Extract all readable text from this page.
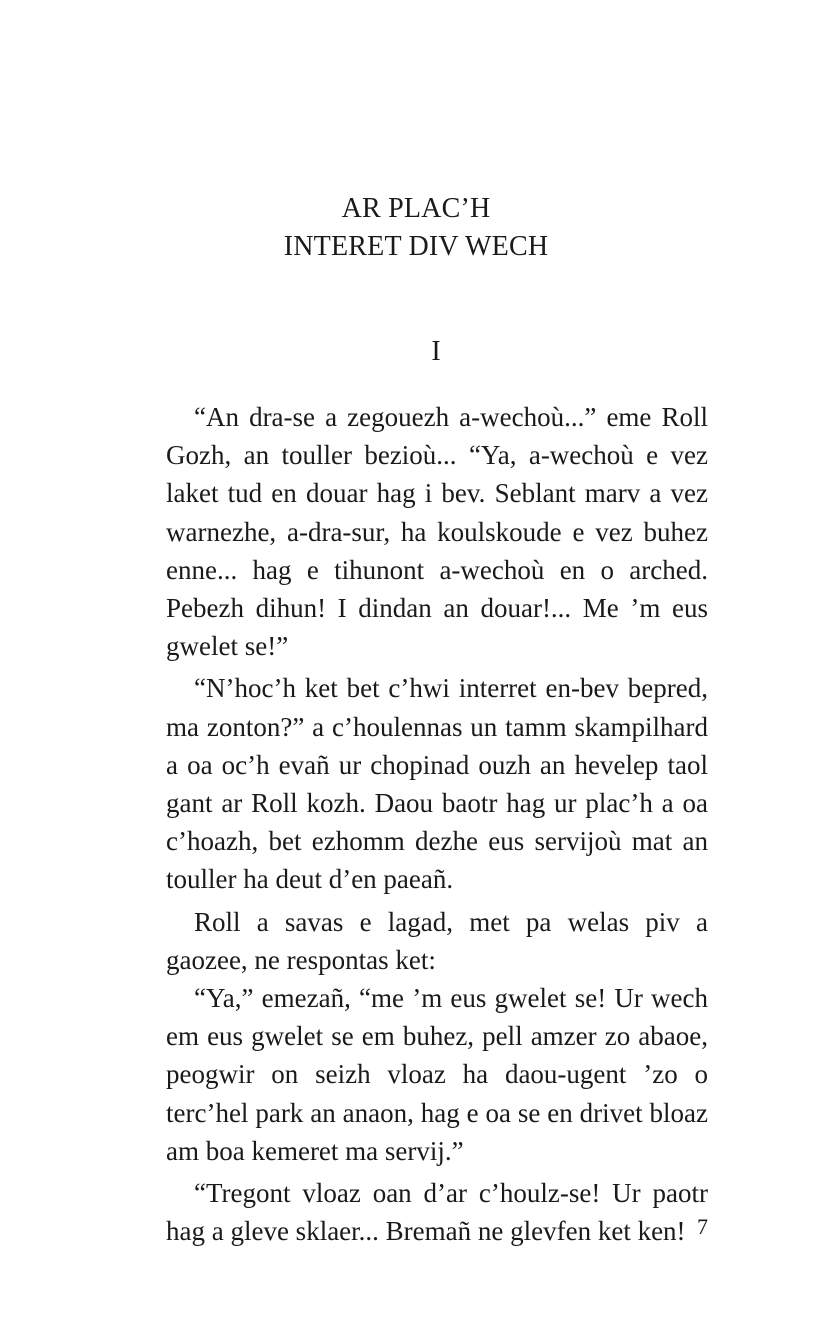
AR PLAC’H
INTERET DIV WECH
I

“An dra-se a zegouezh a-wechoù...” eme Roll Gozh, an touller bezioù... “Ya, a-wechoù e vez laket tud en douar hag i bev. Seblant marv a vez warnezhe, a-dra-sur, ha koulskoude e vez buhez enne... hag e tihunont a-wechoù en o arched. Pebezh dihun! I dindan an douar!... Me ’m eus gwelet se!”

“N’hoc’h ket bet c’hwi interret en-bev bepred, ma zonton?” a c’houlennas un tamm skampilhard a oa oc’h evañ ur chopinad ouzh an hevelep taol gant ar Roll kozh. Daou baotr hag ur plac’h a oa c’hoazh, bet ezhomm dezhe eus servijoù mat an touller ha deut d’en paeañ.

Roll a savas e lagad, met pa welas piv a gaozee, ne respontas ket:

“Ya,” emezañ, “me ’m eus gwelet se! Ur wech em eus gwelet se em buhez, pell amzer zo abaoe, peogwir on seizh vloaz ha daou-ugent ’zo o terc’hel park an anaon, hag e oa se en drivet bloaz am boa kemeret ma servij.”

“Tregont vloaz oan d’ar c’houlz-se! Ur paotr hag a gleve sklaer... Bremañ ne glevfen ket ken! 7
